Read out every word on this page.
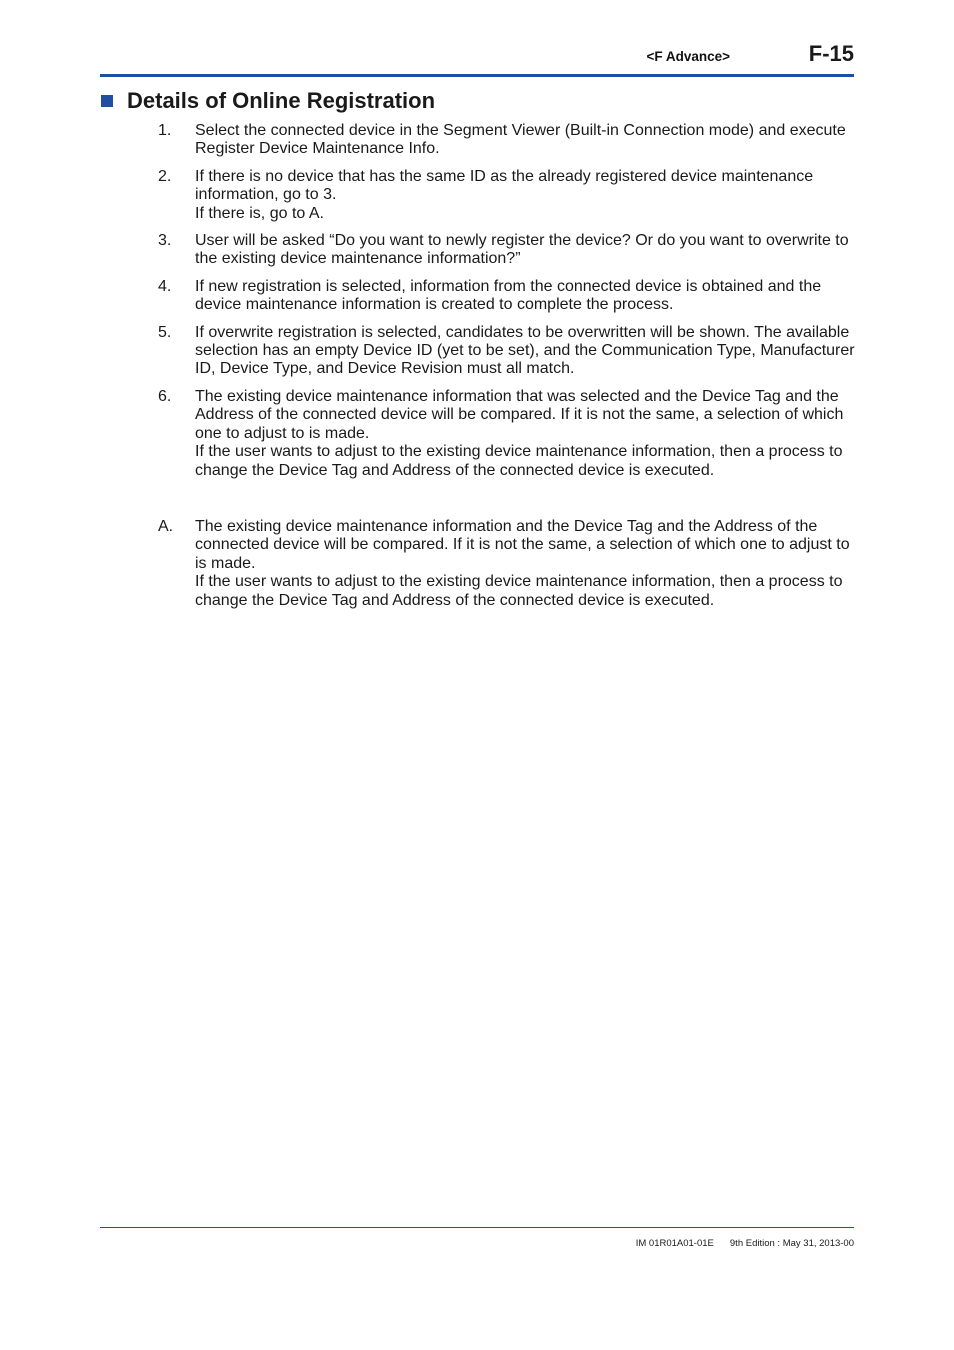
<F Advance>	F-15
Details of Online Registration
1.	Select the connected device in the Segment Viewer (Built-in Connection mode) and execute Register Device Maintenance Info.

2.	If there is no device that has the same ID as the already registered device maintenance information, go to 3.

If there is, go to A.

3.	User will be asked “Do you want to newly register the device? Or do you want to overwrite to the existing device maintenance information?”

4.	If new registration is selected, information from the connected device is obtained and the device maintenance information is created to complete the process.

5.	If overwrite registration is selected, candidates to be overwritten will be shown. The available selection has an empty Device ID (yet to be set), and the Communication Type, Manufacturer ID, Device Type, and Device Revision must all match.

6.	The existing device maintenance information that was selected and the Device Tag and the Address of the connected device will be compared. If it is not the same, a selection of which one to adjust to is made.

If the user wants to adjust to the existing device maintenance information, then a process to change the Device Tag and Address of the connected device is executed.

A.	The existing device maintenance information and the Device Tag and the Address of the connected device will be compared. If it is not the same, a selection of which one to adjust to is made.

If the user wants to adjust to the existing device maintenance information, then a process to change the Device Tag and Address of the connected device is executed.

IM 01R01A01-01E 9th Edition : May 31, 2013-00
